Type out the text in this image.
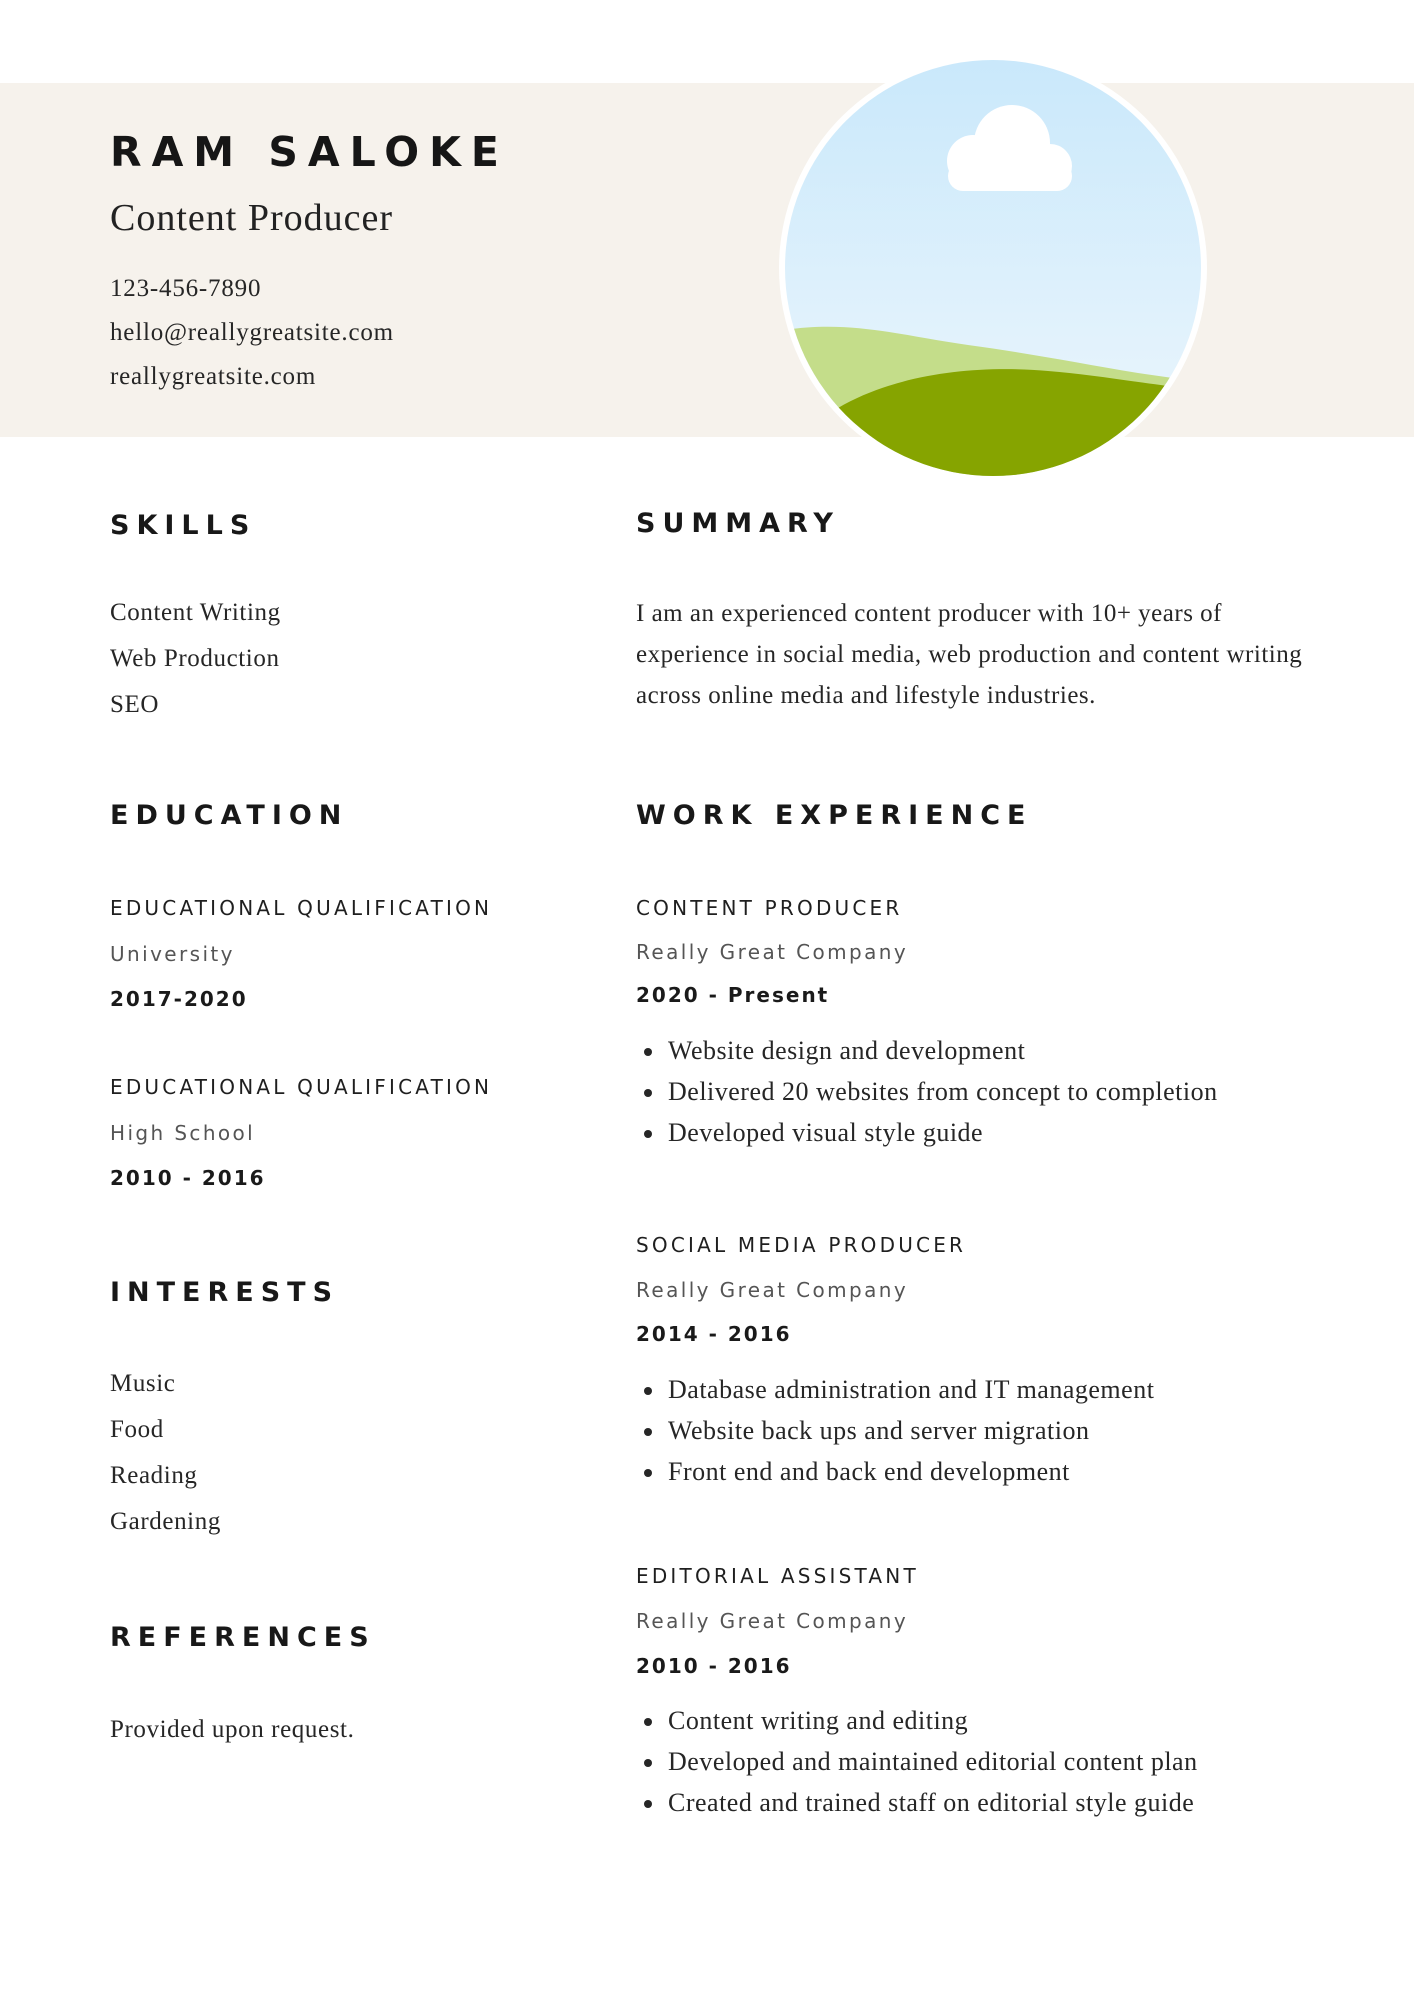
RAM SALOKE
Content Producer
123-456-7890
hello@reallygreatsite.com
reallygreatsite.com
SKILLS
Content Writing
Web Production
SEO
EDUCATION
EDUCATIONAL QUALIFICATION
University
2017-2020
EDUCATIONAL QUALIFICATION
High School
2010 - 2016
INTERESTS
Music
Food
Reading
Gardening
REFERENCES
Provided upon request.
SUMMARY

I am an experienced content producer with 10+ years of experience in social media, web production and content writing across online media and lifestyle industries.

WORK EXPERIENCE
CONTENT PRODUCER
Really Great Company
2020 - Present
• Website design and development
• Delivered 20 websites from concept to completion
• Developed visual style guide
SOCIAL MEDIA PRODUCER
Really Great Company
2014 - 2016
• Database administration and IT management
• Website back ups and server migration
• Front end and back end development
EDITORIAL ASSISTANT
Really Great Company
2010 - 2016
• Content writing and editing
• Developed and maintained editorial content plan
• Created and trained staff on editorial style guide
